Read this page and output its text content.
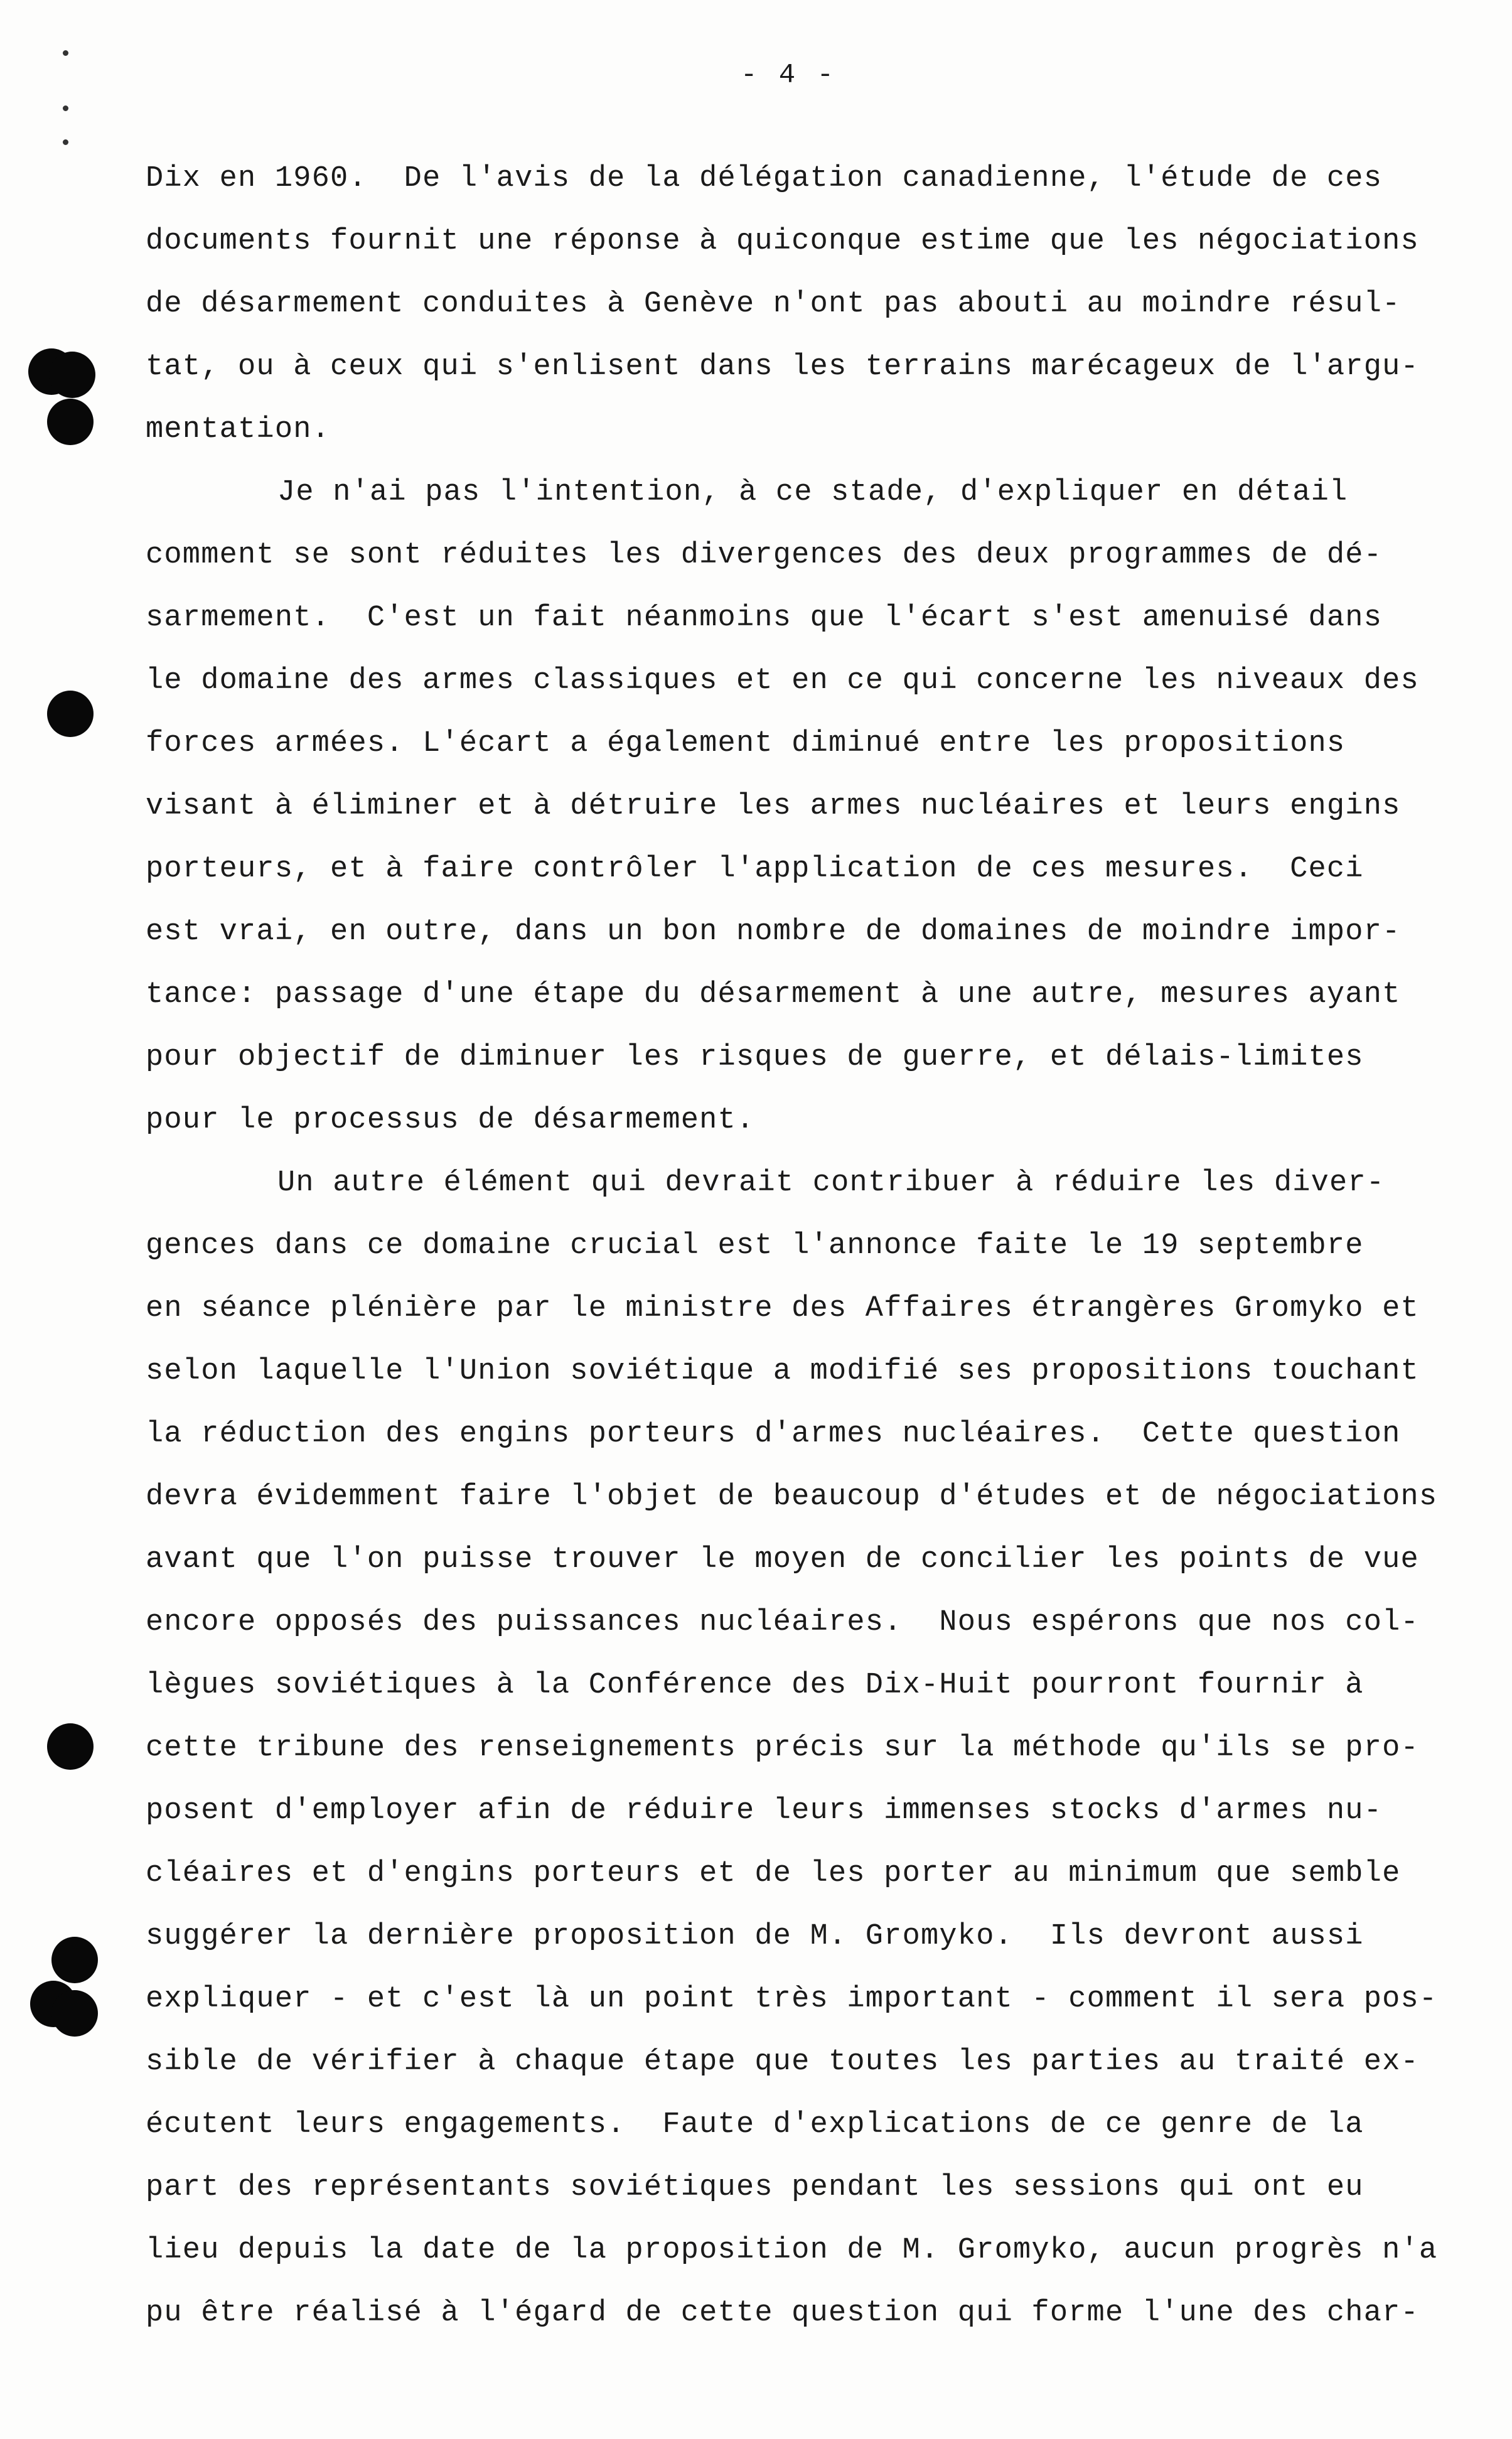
- 4 -
Dix en 1960.  De l'avis de la délégation canadienne, l'étude de ces
documents fournit une réponse à quiconque estime que les négociations
de désarmement conduites à Genève n'ont pas abouti au moindre résul-
tat, ou à ceux qui s'enlisent dans les terrains marécageux de l'argu-
mentation.
Je n'ai pas l'intention, à ce stade, d'expliquer en détail
comment se sont réduites les divergences des deux programmes de dé-
sarmement.  C'est un fait néanmoins que l'écart s'est amenuisé dans
le domaine des armes classiques et en ce qui concerne les niveaux des
forces armées. L'écart a également diminué entre les propositions
visant à éliminer et à détruire les armes nucléaires et leurs engins
porteurs, et à faire contrôler l'application de ces mesures.  Ceci
est vrai, en outre, dans un bon nombre de domaines de moindre impor-
tance: passage d'une étape du désarmement à une autre, mesures ayant
pour objectif de diminuer les risques de guerre, et délais-limites
pour le processus de désarmement.
Un autre élément qui devrait contribuer à réduire les diver-
gences dans ce domaine crucial est l'annonce faite le 19 septembre
en séance plénière par le ministre des Affaires étrangères Gromyko et
selon laquelle l'Union soviétique a modifié ses propositions touchant
la réduction des engins porteurs d'armes nucléaires.  Cette question
devra évidemment faire l'objet de beaucoup d'études et de négociations
avant que l'on puisse trouver le moyen de concilier les points de vue
encore opposés des puissances nucléaires.  Nous espérons que nos col-
lègues soviétiques à la Conférence des Dix-Huit pourront fournir à
cette tribune des renseignements précis sur la méthode qu'ils se pro-
posent d'employer afin de réduire leurs immenses stocks d'armes nu-
cléaires et d'engins porteurs et de les porter au minimum que semble
suggérer la dernière proposition de M. Gromyko.  Ils devront aussi
expliquer - et c'est là un point très important - comment il sera pos-
sible de vérifier à chaque étape que toutes les parties au traité ex-
écutent leurs engagements.  Faute d'explications de ce genre de la
part des représentants soviétiques pendant les sessions qui ont eu
lieu depuis la date de la proposition de M. Gromyko, aucun progrès n'a
pu être réalisé à l'égard de cette question qui forme l'une des char-
